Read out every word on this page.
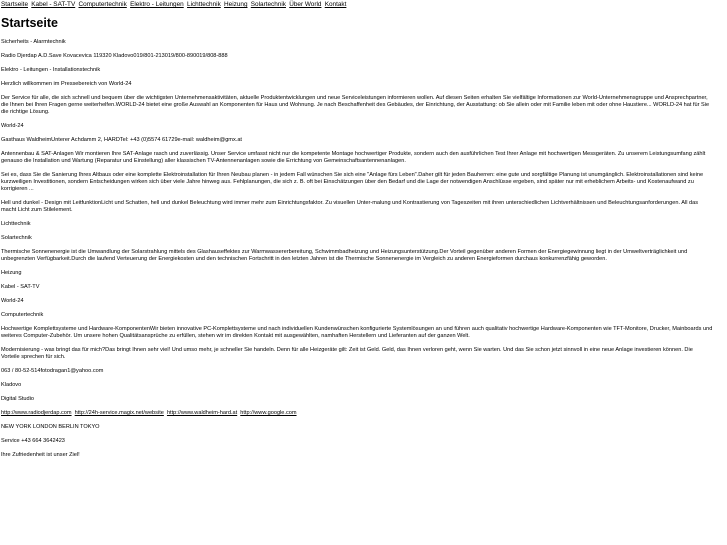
Startseite Kabel - SAT-TV Computertechnik Elektro - Leitungen Lichttechnik Heizung Solartechnik Über World Kontakt
Startseite

Sicherheits - Alarmtechnik

Radio Djerdap A.D.Save Kovacevica 119320 Kladovo019/801-213019/800-890019/808-888

Elektro - Leitungen - Installationstechnik

Herzlich willkommen im Pressebereich von World-24

Der Service für alle, die sich schnell und bequem über die wichtigsten Unternehmensaktivitäten, aktuelle Produktentwicklungen und neue Serviceleistungen informieren wollen. Auf diesen Seiten erhalten Sie vielfältige Informationen zur World-Unternehmensgruppe und Ansprechpartner, die Ihnen bei Ihren Fragen gerne weiterhelfen.WORLD-24 bietet eine große Auswahl an Komponenten für Haus und Wohnung. Je nach Beschaffenheit des Gebäudes, der Einrichtung, der Ausstattung: ob Sie allein oder mit Familie leben mit oder ohne Haustiere... WORLD-24 hat für Sie die richtige Lösung.

World-24

Gasthaus WaldheimUnterer Achdamm 2, HARDTel: +43 (0)5574 61729e-mail: waldheim@gmx.at

Antennenbau & SAT-Anlagen Wir montieren Ihre SAT-Anlage rasch und zuverlässig. Unser Service umfasst nicht nur die kompetente Montage hochwertiger Produkte, sondern auch den ausführlichen Test Ihrer Anlage mit hochwertigen Messgeräten. Zu unserem Leistungsumfang zählt genauso die Installation und Wartung (Reparatur und Einstellung) aller klassischen TV-Antennenanlagen sowie die Errichtung von Gemeinschaftsantennenanlagen.

Sei es, dass Sie die Sanierung Ihres Altbaus oder eine komplette Elektroinstallation für Ihren Neubau planen - in jedem Fall wünschen Sie sich eine "Anlage fürs Leben".Daher gilt für jeden Bauherren: eine gute und sorgfältige Planung ist unumgänglich. Elektroinstallationen sind keine kurzweiligen Investitionen, sondern Entscheidungen wirken sich über viele Jahre hinweg aus. Fehlplanungen, die sich z. B. oft bei Einschätzungen über den Bedarf und die Lage der notwendigen Anschlüsse ergeben, sind später nur mit erheblichem Arbeits- und Kostenaufwand zu korrigieren ...

Hell und dunkel - Design mit LeitfunktionLicht und Schatten, hell und dunkel Beleuchtung wird immer mehr zum Einrichtungsfaktor. Zu visuellen Unter-malung und Kontrastierung von Tageszeiten mit ihren unterschiedlichen Lichtverhältnissen und Beleuchtungsanforderungen. All das macht Licht zum Stilelement.

Lichttechnik

Solartechnik

Thermische Sonnenenergie ist die Umwandlung der Solarstrahlung mittels des Glashauseffektes zur Warmwassererbereitung, Schwimmbadheizung und Heizungsunterstützung.Der Vorteil gegenüber anderen Formen der Energiegewinnung liegt in der Umweltverträglichkeit und unbegrenzten Verfügbarkeit.Durch die laufend Verteuerung der Energiekosten und den technischen Fortschritt in den letzten Jahren ist die Thermische Sonnenenergie im Vergleich zu anderen Energieformen durchaus konkurrenzfähig geworden.

Heizung

Kabel - SAT-TV

World-24

Computertechnik

Hochwertige Komplettsysteme und Hardware-KomponentenWir bieten innovative PC-Komplettsysteme und nach individuellen Kundenwünschen konfigurierte Systemlösungen an und führen auch qualitativ hochwertige Hardware-Komponenten wie TFT-Monitore, Drucker, Mainboards und weiteres Computer-Zubehör. Um unsere hohen Qualitätsansprüche zu erfüllen, stehen wir im direkten Kontakt mit ausgewählten, namhaften Herstellern und Lieferanten auf der ganzen Welt.

Modernisierung - was bringt das für mich?Das bringt Ihnen sehr viel! Und umso mehr, je schneller Sie handeln. Denn für alle Heizgeräte gilt: Zeit ist Geld. Geld, das Ihnen verloren geht, wenn Sie warten. Und das Sie schon jetzt sinnvoll in eine neue Anlage investieren können. Die Vorteile sprechen für sich.

063 / 80-52-514fotodragan1@yahoo.com

Kladovo

Digital Studio

http://www.radiodjerdap.com http://24h-service.magix.net/website http://www.waldheim-hard.at http://www.google.com

NEW YORK LONDON BERLIN TOKYO

Service +43 664 3642423

Ihre Zufriedenheit ist unser Ziel!
